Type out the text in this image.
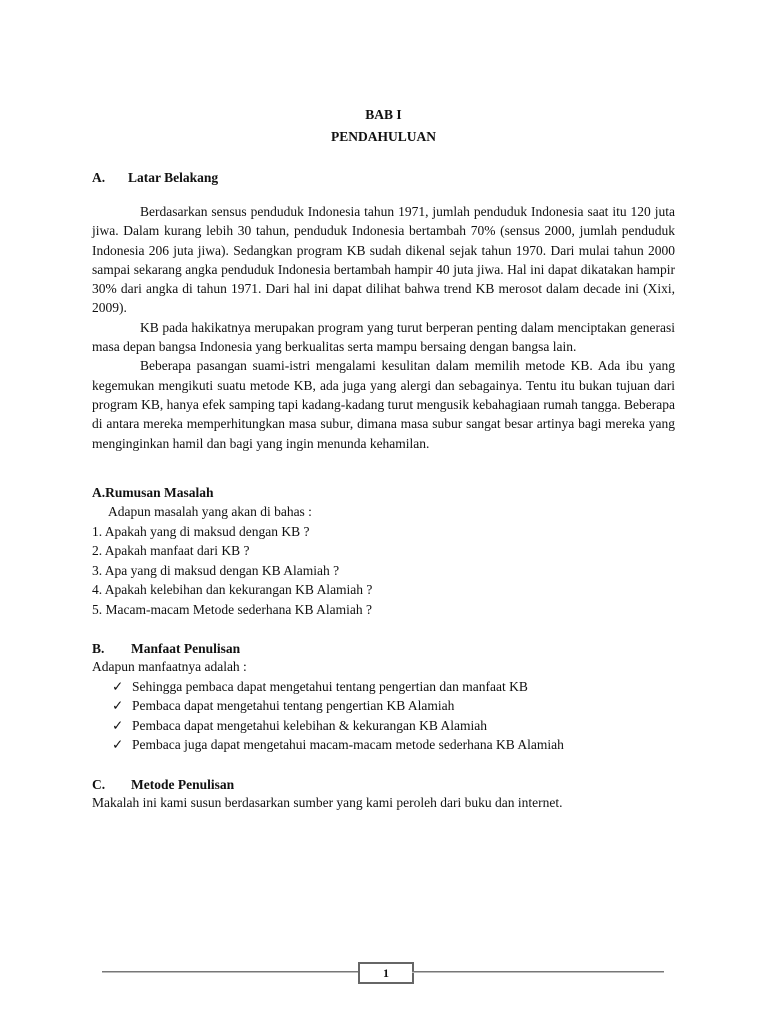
BAB I
PENDAHULUAN
A.	Latar Belakang

Berdasarkan sensus penduduk Indonesia tahun 1971, jumlah penduduk Indonesia saat itu 120 juta jiwa. Dalam kurang lebih 30 tahun, penduduk Indonesia bertambah 70% (sensus 2000, jumlah penduduk Indonesia 206 juta jiwa). Sedangkan program KB sudah dikenal sejak tahun 1970. Dari mulai tahun 2000 sampai sekarang angka penduduk Indonesia bertambah hampir 40 juta jiwa. Hal ini dapat dikatakan hampir 30% dari angka di tahun 1971. Dari hal ini dapat dilihat bahwa trend KB merosot dalam decade ini (Xixi, 2009).

KB pada hakikatnya merupakan program yang turut berperan penting dalam menciptakan generasi masa depan bangsa Indonesia yang berkualitas serta mampu bersaing dengan bangsa lain.

Beberapa pasangan suami-istri mengalami kesulitan dalam memilih metode KB. Ada ibu yang kegemukan mengikuti suatu metode KB, ada juga yang alergi dan sebagainya. Tentu itu bukan tujuan dari program KB, hanya efek samping tapi kadang-kadang turut mengusik kebahagiaan rumah tangga. Beberapa di antara mereka memperhitungkan masa subur, dimana masa subur sangat besar artinya bagi mereka yang menginginkan hamil dan bagi yang ingin menunda kehamilan.

A.Rumusan Masalah
Adapun masalah yang akan di bahas :
1. Apakah yang di maksud dengan KB ?
2. Apakah manfaat dari KB ?
3. Apa yang di maksud dengan KB Alamiah ?
4. Apakah kelebihan dan kekurangan KB Alamiah ?
5. Macam-macam Metode sederhana KB Alamiah ?
B.	Manfaat Penulisan
Adapun manfaatnya adalah :
✓ Sehingga pembaca dapat mengetahui tentang pengertian dan manfaat KB
✓ Pembaca dapat mengetahui tentang pengertian KB Alamiah
✓ Pembaca dapat mengetahui kelebihan & kekurangan KB Alamiah
✓ Pembaca juga dapat mengetahui macam-macam metode sederhana KB Alamiah
C.	Metode Penulisan
Makalah ini kami susun berdasarkan sumber yang kami peroleh dari buku dan internet.
1
